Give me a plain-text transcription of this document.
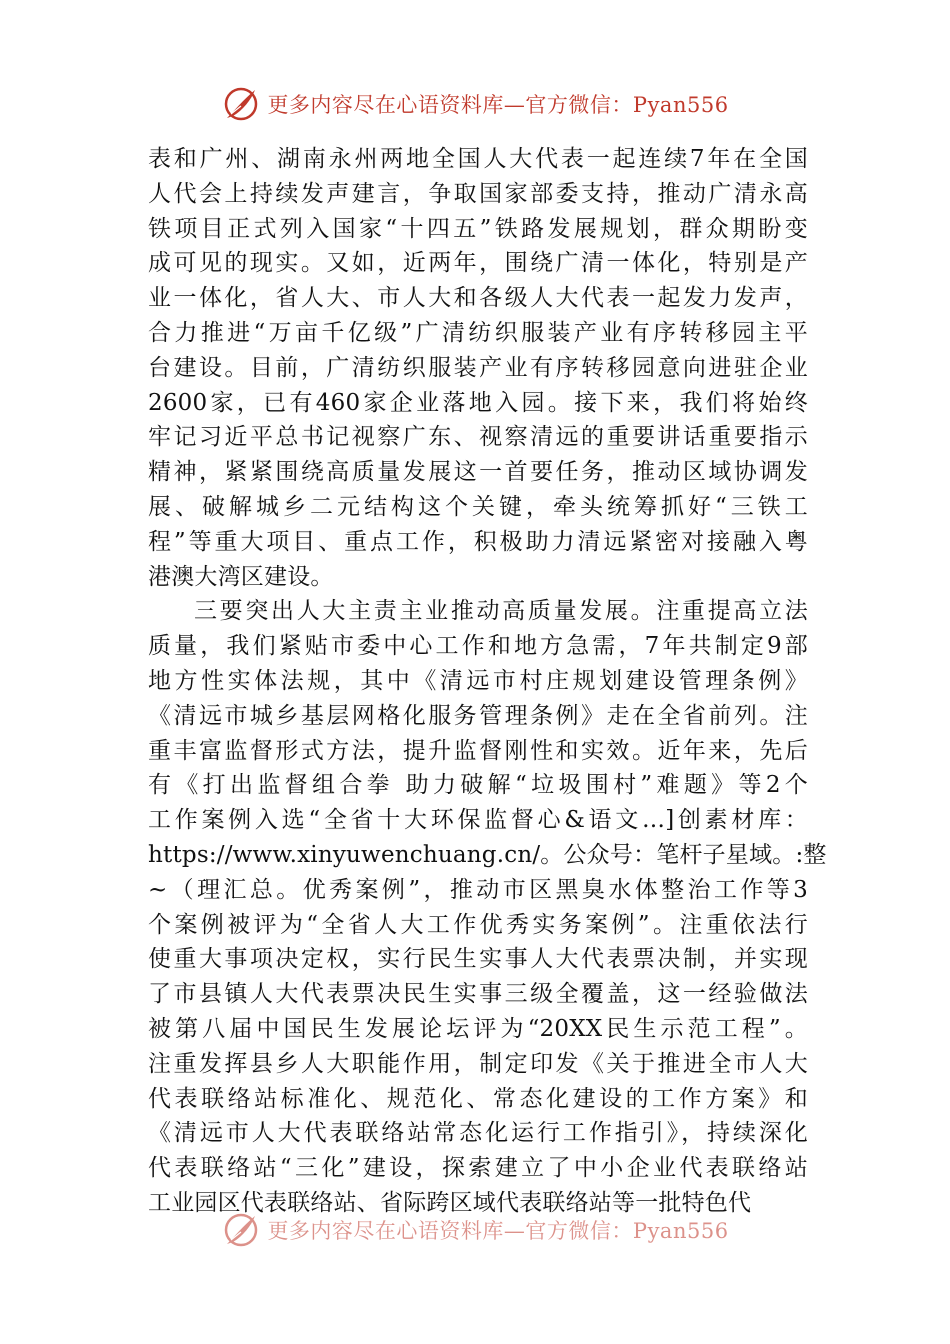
更多内容尽在心语资料库—官方微信：Pyan556
表和广州、湖南永州两地全国人大代表一起连续7年在全国
人代会上持续发声建言，争取国家部委支持，推动广清永高
铁项目正式列入国家“十四五”铁路发展规划，群众期盼变
成可见的现实。又如，近两年，围绕广清一体化，特别是产
业一体化，省人大、市人大和各级人大代表一起发力发声，
合力推进“万亩千亿级”广清纺织服装产业有序转移园主平
台建设。目前，广清纺织服装产业有序转移园意向进驻企业
2600家，已有460家企业落地入园。接下来，我们将始终
牢记习近平总书记视察广东、视察清远的重要讲话重要指示
精神，紧紧围绕高质量发展这一首要任务，推动区域协调发
展、破解城乡二元结构这个关键，牵头统筹抓好“三铁工
程”等重大项目、重点工作，积极助力清远紧密对接融入粤
港澳大湾区建设。
三要突出人大主责主业推动高质量发展。注重提高立法
质量，我们紧贴市委中心工作和地方急需，7年共制定9部
地方性实体法规，其中《清远市村庄规划建设管理条例》
《清远市城乡基层网格化服务管理条例》走在全省前列。注
重丰富监督形式方法，提升监督刚性和实效。近年来，先后
有《打出监督组合拳 助力破解“垃圾围村”难题》等2个
工作案例入选“全省十大环保监督心&语文…]创素材库：
https://www.xinyuwenchuang.cn/。公众号：笔杆子星域。:整
~（理汇总。优秀案例”，推动市区黑臭水体整治工作等3
个案例被评为“全省人大工作优秀实务案例”。注重依法行
使重大事项决定权，实行民生实事人大代表票决制，并实现
了市县镇人大代表票决民生实事三级全覆盖，这一经验做法
被第八届中国民生发展论坛评为“20XX民生示范工程”。
注重发挥县乡人大职能作用，制定印发《关于推进全市人大
代表联络站标准化、规范化、常态化建设的工作方案》和
《清远市人大代表联络站常态化运行工作指引》，持续深化
代表联络站“三化”建设，探索建立了中小企业代表联络站
工业园区代表联络站、省际跨区域代表联络站等一批特色代
更多内容尽在心语资料库—官方微信：Pyan556
